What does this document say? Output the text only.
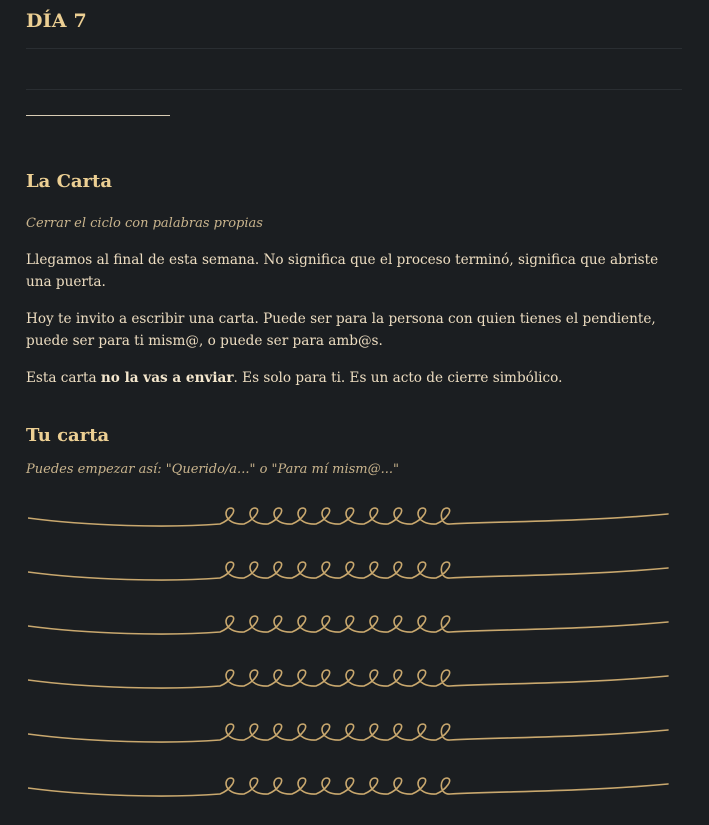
DÍA 7
La Carta

Cerrar el ciclo con palabras propias

Llegamos al final de esta semana. No significa que el proceso terminó, significa que abriste una puerta.

Hoy te invito a escribir una carta. Puede ser para la persona con quien tienes el pendiente, puede ser para ti mism@, o puede ser para amb@s.

Esta carta no la vas a enviar. Es solo para ti. Es un acto de cierre simbólico.

Tu carta

Puedes empezar así: "Querido/a..." o "Para mí mism@..."
